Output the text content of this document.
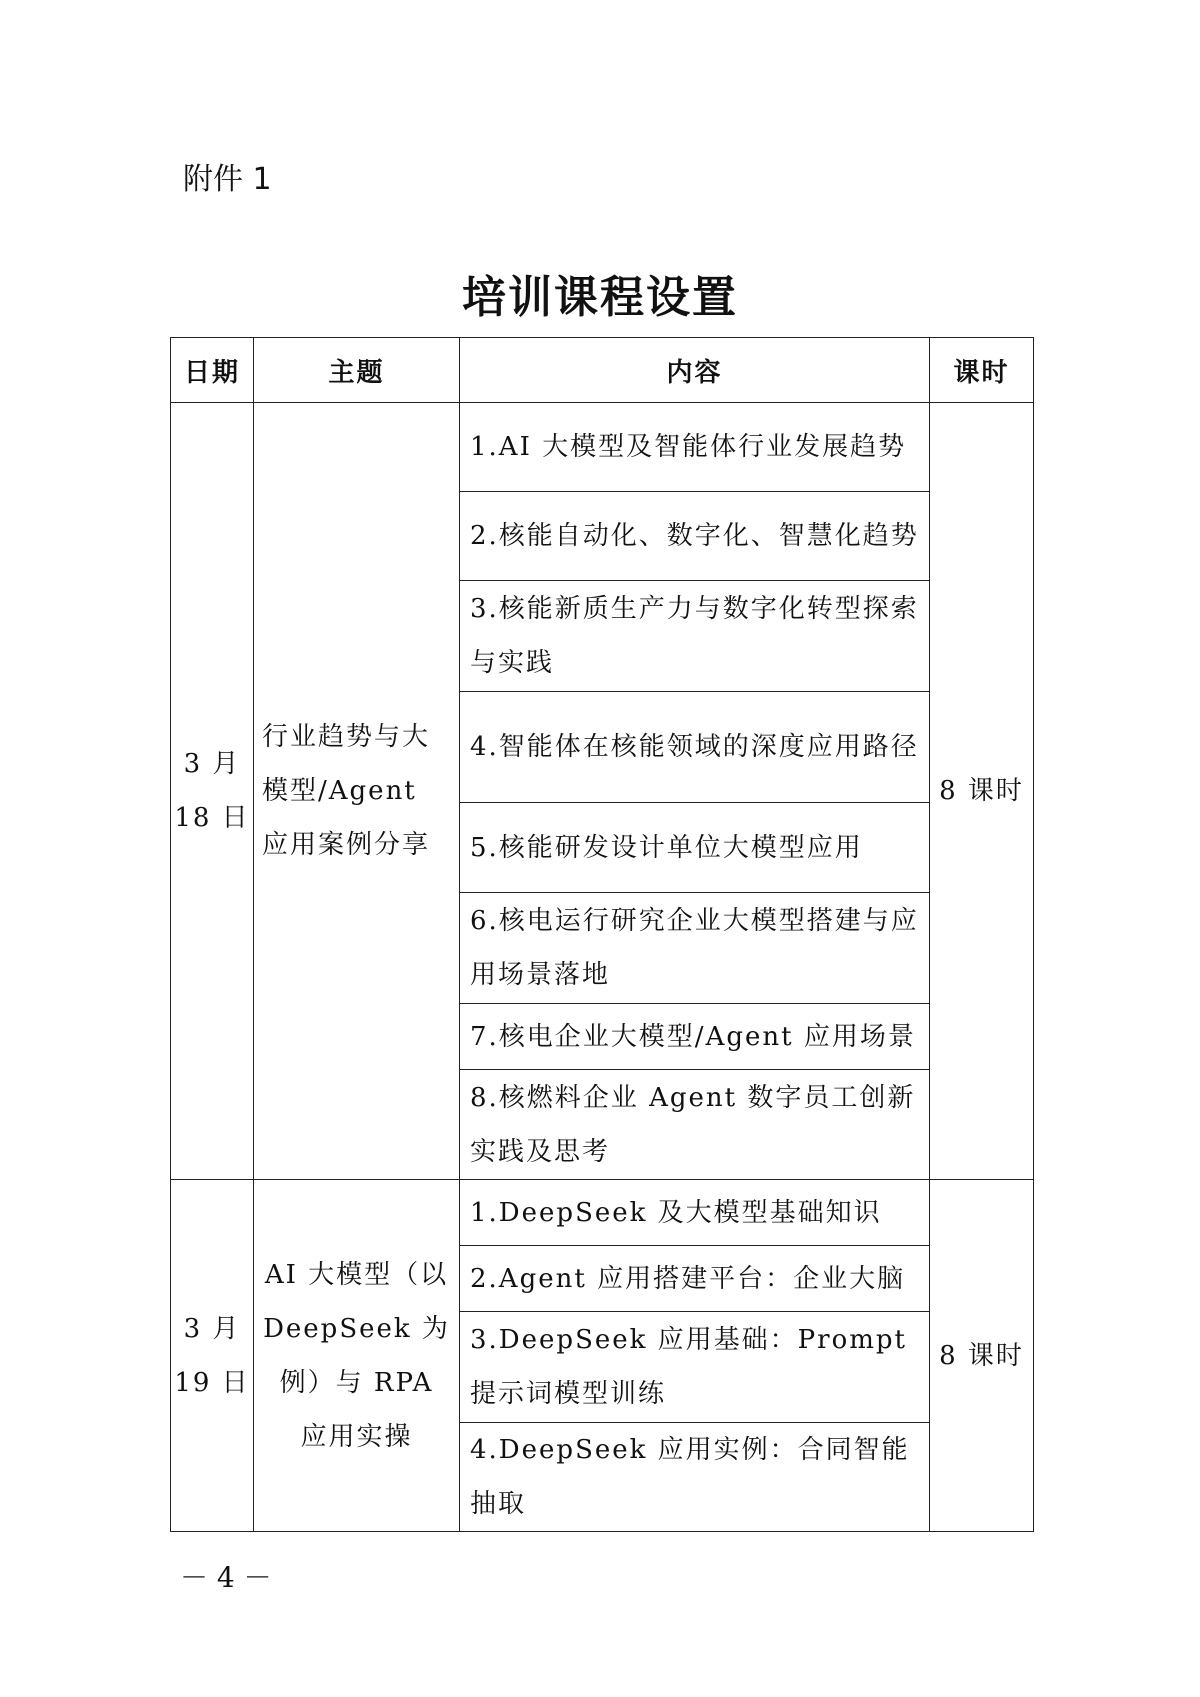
附件 1

培训课程设置
日期	主题	内容	课时

3 月
18 日	行业趋势与大模型/Agent 应用案例分享	1.AI 大模型及智能体行业发展趋势	8 课时
		2.核能自动化、数字化、智慧化趋势	
		3.核能新质生产力与数字化转型探索与实践	
		4.智能体在核能领域的深度应用路径	
		5.核能研发设计单位大模型应用	
		6.核电运行研究企业大模型搭建与应用场景落地	
		7.核电企业大模型/Agent 应用场景	
		8.核燃料企业 Agent 数字员工创新实践及思考	

3 月
19 日	AI 大模型（以 DeepSeek 为例）与 RPA 应用实操	1.DeepSeek 及大模型基础知识	8 课时
		2.Agent 应用搭建平台：企业大脑	
		3.DeepSeek 应用基础：Prompt 提示词模型训练	
		4.DeepSeek 应用实例：合同智能抽取	

－ 4 －
